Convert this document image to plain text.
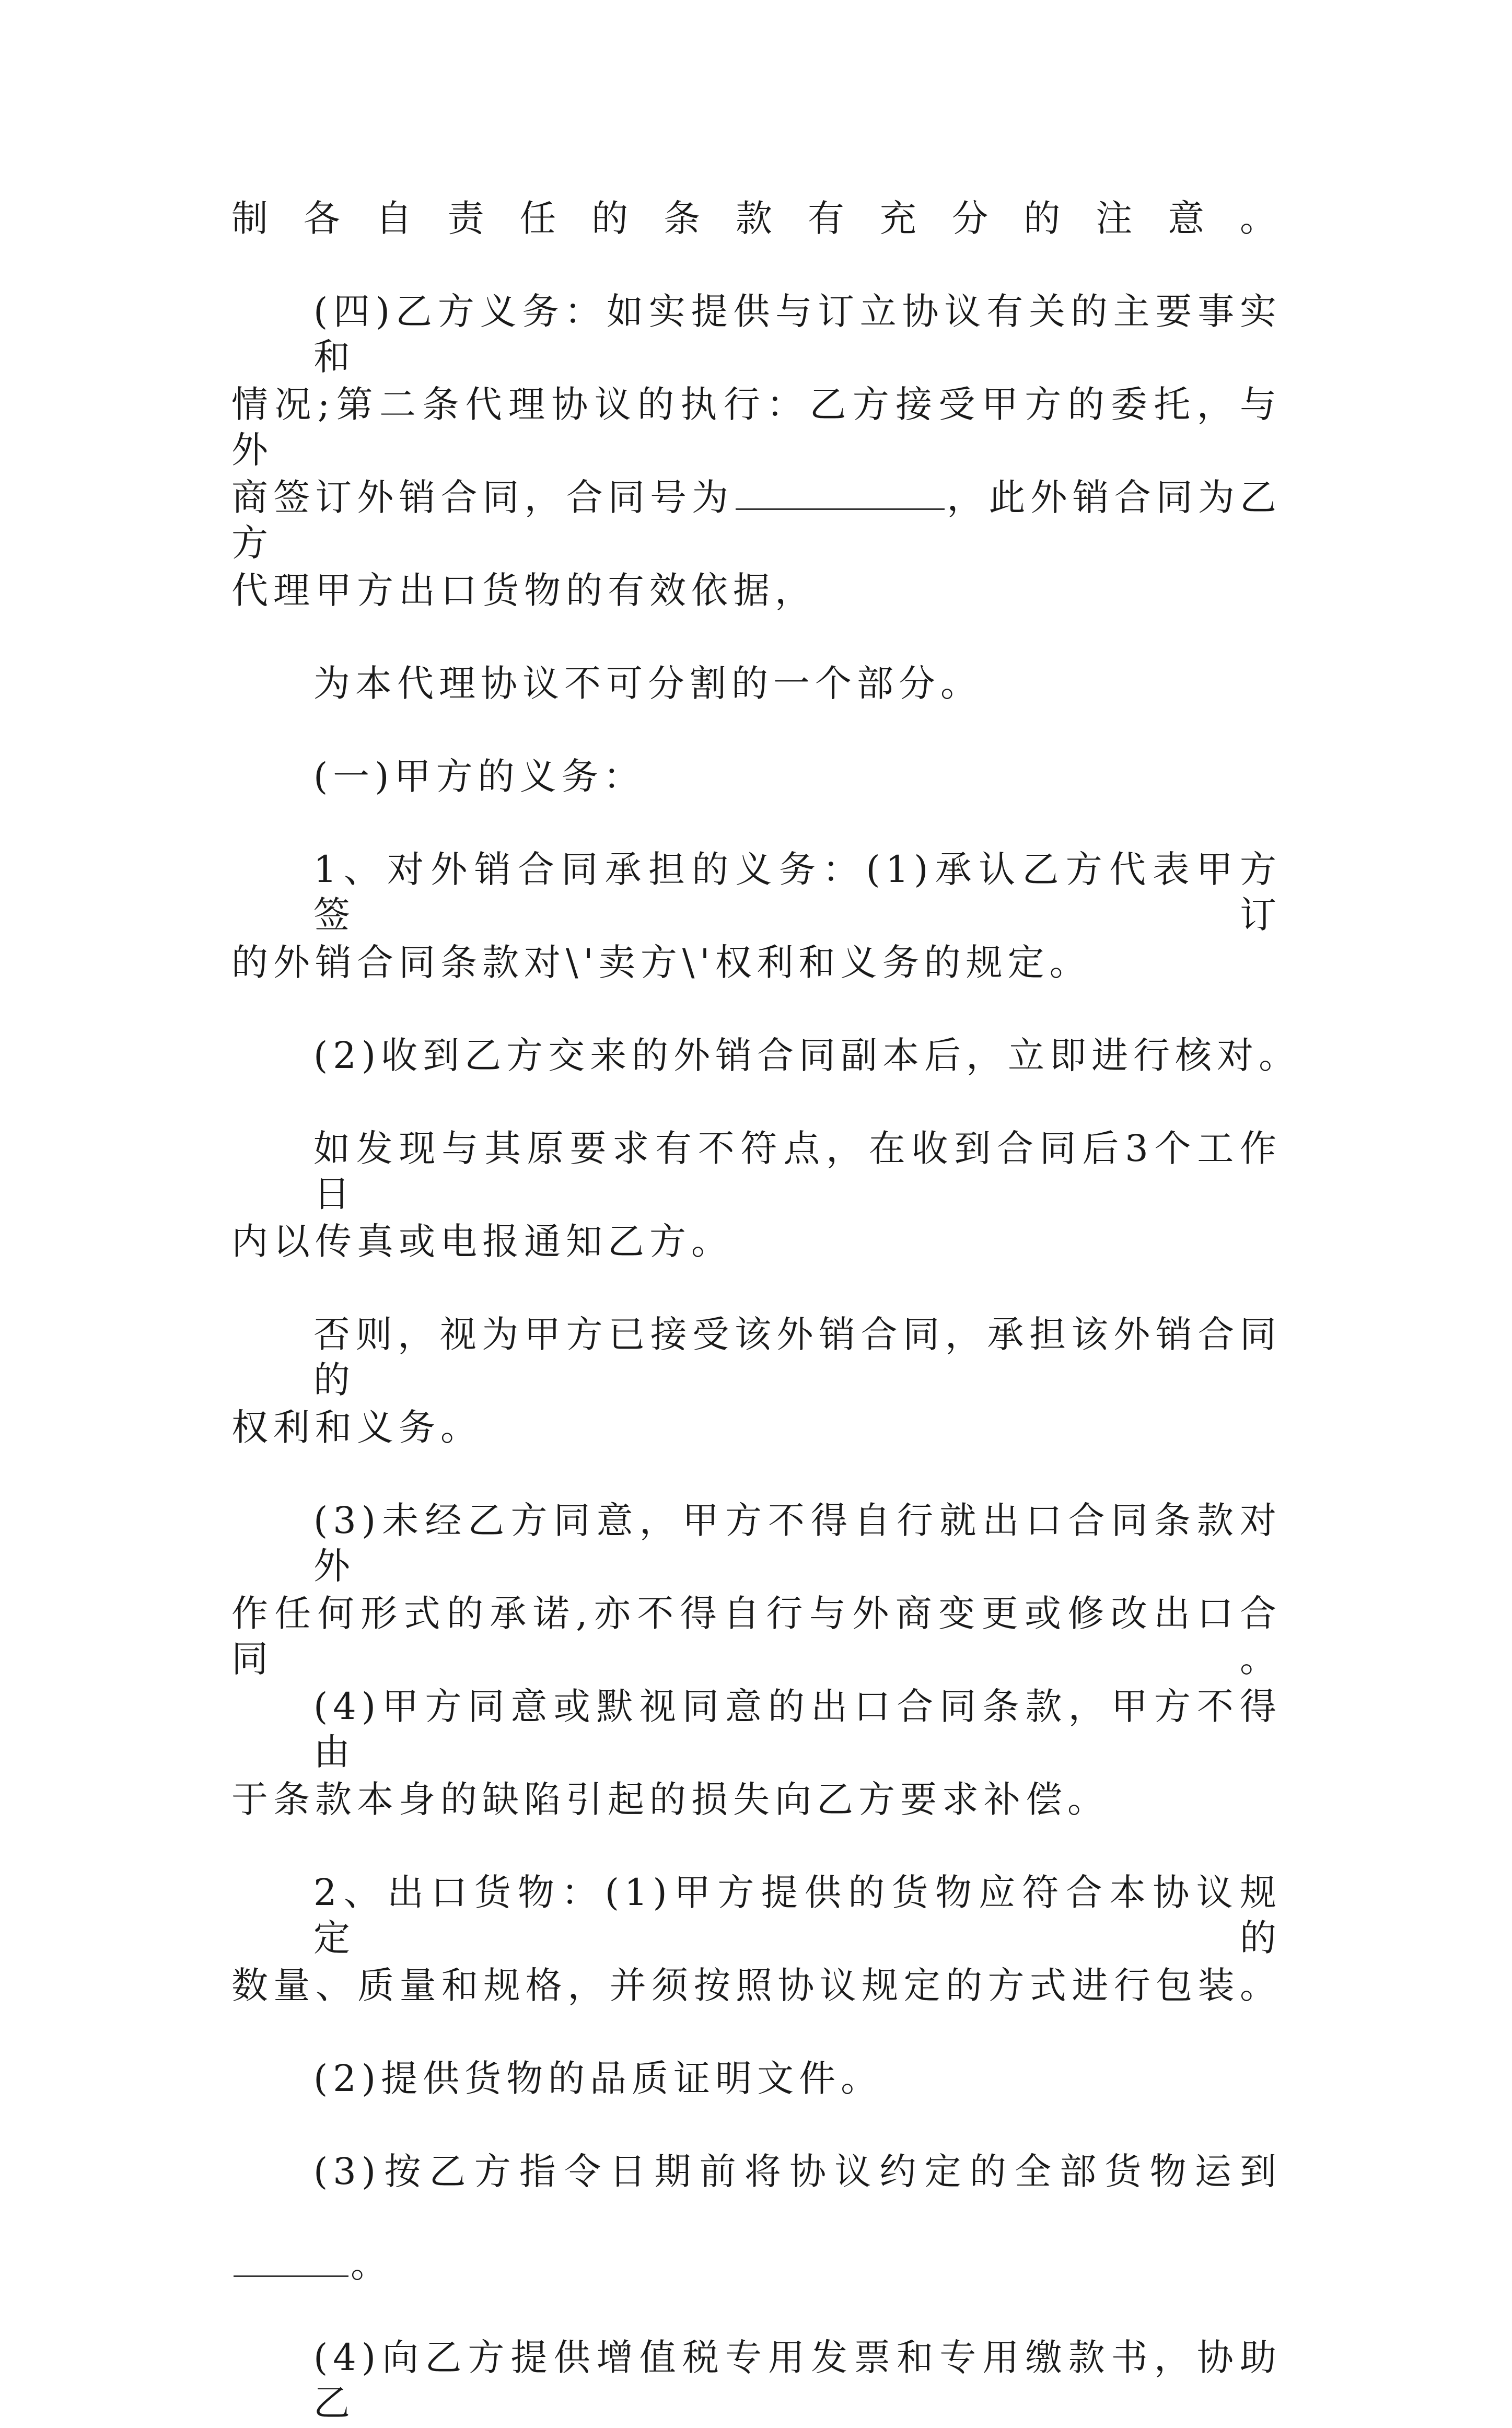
制各自责任的条款有充分的注意。
(四)乙方义务：如实提供与订立协议有关的主要事实和
情况;第二条代理协议的执行：乙方接受甲方的委托，与外
商签订外销合同，合同号为	，此外销合同为乙方
代理甲方出口货物的有效依据，
为本代理协议不可分割的一个部分。
(一)甲方的义务：
1、对外销合同承担的义务：(1)承认乙方代表甲方签订
的外销合同条款对\'卖方\'权利和义务的规定。
(2)收到乙方交来的外销合同副本后，立即进行核对。
如发现与其原要求有不符点，在收到合同后3个工作日
内以传真或电报通知乙方。
否则，视为甲方已接受该外销合同，承担该外销合同的
权利和义务。
(3)未经乙方同意，甲方不得自行就出口合同条款对外
作任何形式的承诺,亦不得自行与外商变更或修改出口合同。
(4)甲方同意或默视同意的出口合同条款，甲方不得由
于条款本身的缺陷引起的损失向乙方要求补偿。
2、出口货物：(1)甲方提供的货物应符合本协议规定的
数量、质量和规格，并须按照协议规定的方式进行包装。
(2)提供货物的品质证明文件。
(3)按乙方指令日期前将协议约定的全部货物运到
。
(4)向乙方提供增值税专用发票和专用缴款书，协助乙
